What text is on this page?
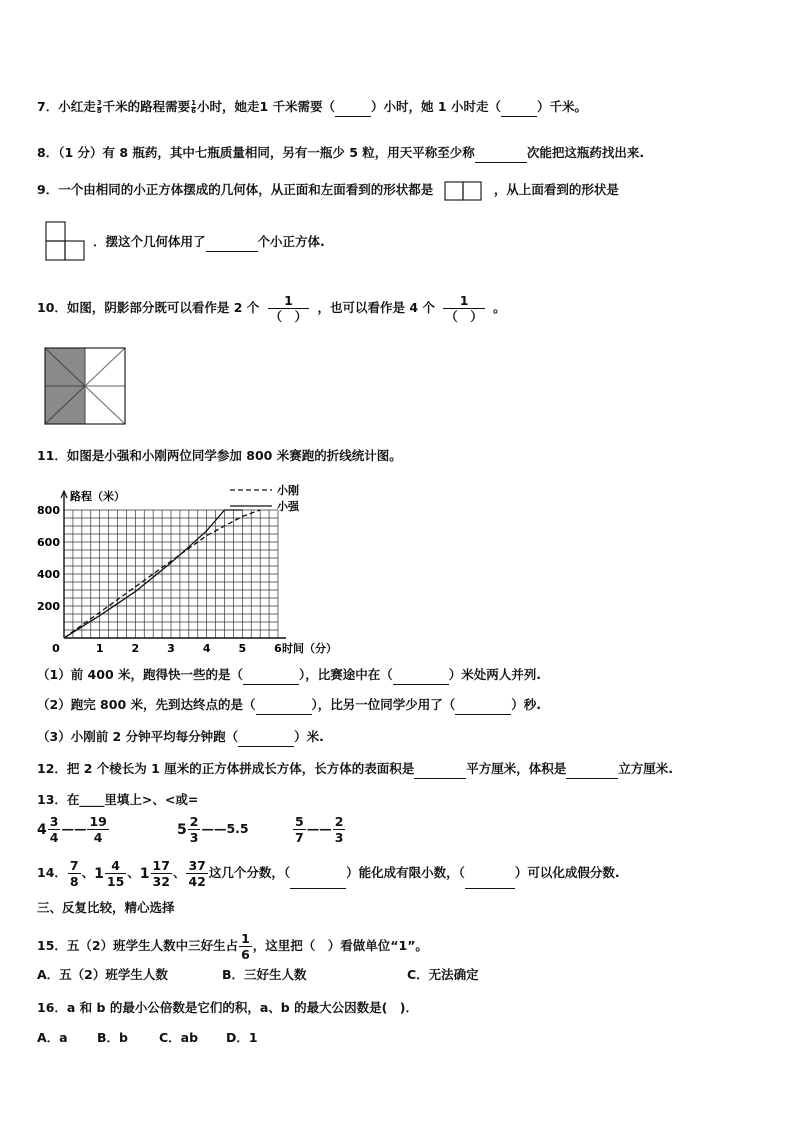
7．小红走 $\frac{3}{8}$千米的路程需要 $\frac{1}{6}$小时，她走1 千米需要（	）小时，她 1 小时走（	）千米。
8．（1 分）有 8 瓶药，其中七瓶质量相同，另有一瓶少 5 粒，用天平称至少称	次能把这瓶药找出来.
9．一个由相同的小正方体摆成的几何体，从正面和左面看到的形状都是	，从上面看到的形状是
．摆这个几何体用了	个小正方体.
10．如图，阴影部分既可以看作是 2 个 $\frac{1}{( )}$ ，也可以看作是 4 个 $\frac{1}{( )}$ 。
11．如图是小强和小刚两位同学参加 800 米赛跑的折线统计图。
0	1	2	3	4	5	6
200
400
600
800
路程（米）
时间（分）
小刚
小强
（1）前 400 米，跑得快一些的是（	），比赛途中在（	）米处两人并列.
（2）跑完 800 米，先到达终点的是（	），比另一位同学少用了（	）秒.
（3）小刚前 2 分钟平均每分钟跑（	）米.
12．把 2 个棱长为 1 厘米的正方体拼成长方体，长方体的表面积是	平方厘米，体积是	立方厘米.
13．在____里填上>、<或=
$4 \frac{3}{4}$ —— $\frac{19}{4}$	$5 \frac{2}{3}$ ——5.5	$\frac{5}{7}$ —— $\frac{2}{3}$
14． $\frac{7}{8}$ 、$1 \frac{4}{15}$ 、$1 \frac{17}{32}$ 、 $\frac{37}{42}$ 这几个分数，（	）能化成有限小数，（	）可以化成假分数.
三、反复比较，精心选择
15．五（2）班学生人数中三好生占 $\frac{1}{6}$ ，这里把（　）看做单位“1”。
A．五（2）班学生人数	B．三好生人数	C．无法确定
16．a 和 b 的最小公倍数是它们的积，a、b 的最大公因数是(　)．
A．a B．b C．ab D．1
